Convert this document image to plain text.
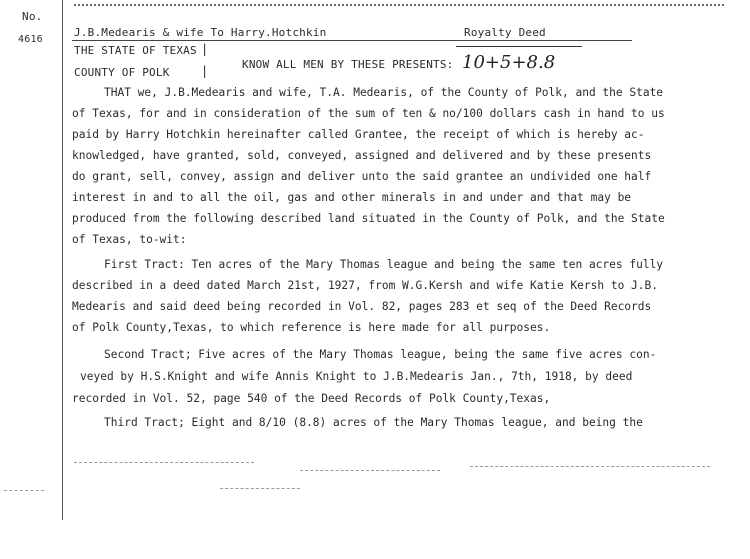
No.
4616
J.B.Medearis & wife To Harry.Hotchkin	Royalty Deed
THE STATE OF TEXAS |
COUNTY OF POLK	|	KNOW ALL MEN BY THESE PRESENTS: 10+5+8.8
THAT we, J.B.Medearis and wife, T.A. Medearis, of the County of Polk, and the State
of Texas, for and in consideration of the sum of ten & no/100 dollars cash in hand to us
paid by Harry Hotchkin hereinafter called Grantee, the receipt of which is hereby ac-
knowledged, have granted, sold, conveyed, assigned and delivered and by these presents
do grant, sell, convey, assign and deliver unto the said grantee an undivided one half
interest in and to all the oil, gas and other minerals in and under and that may be
produced from the following described land situated in the County of Polk, and the State
of Texas, to-wit:
First Tract: Ten acres of the Mary Thomas league and being the same ten acres fully
described in a deed dated March 21st, 1927, from W.G.Kersh and wife Katie Kersh to J.B.
Medearis and said deed being recorded in Vol. 82, pages 283 et seq of the Deed Records
of Polk County,Texas, to which reference is here made for all purposes.
Second Tract; Five acres of the Mary Thomas league, being the same five acres con-
veyed by H.S.Knight and wife Annis Knight to J.B.Medearis Jan., 7th, 1918, by deed
recorded in Vol. 52, page 540 of the Deed Records of Polk County,Texas,
Third Tract; Eight and 8/10 (8.8) acres of the Mary Thomas league, and being the
